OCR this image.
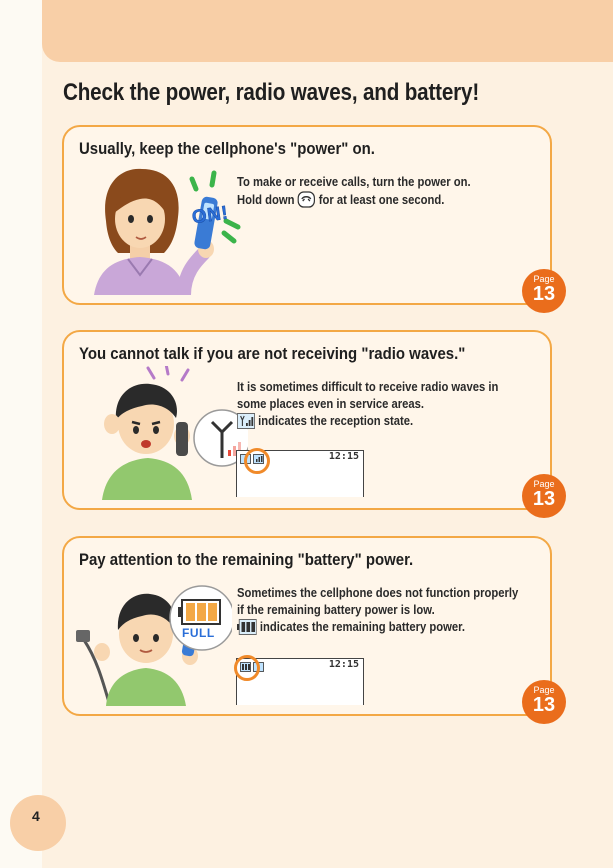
Check the power, radio waves, and battery!
Usually, keep the cellphone's "power" on.
ON!

To make or receive calls, turn the power on.
Hold down for at least one second.

Page
13
You cannot talk if you are not receiving "radio waves."

It is sometimes difficult to receive radio waves in
some places even in service areas.
indicates the reception state.

12:15
Page
13
Pay attention to the remaining "battery" power.
FULL

Sometimes the cellphone does not function properly
if the remaining battery power is low.
indicates the remaining battery power.

12:15
Page
13
4
